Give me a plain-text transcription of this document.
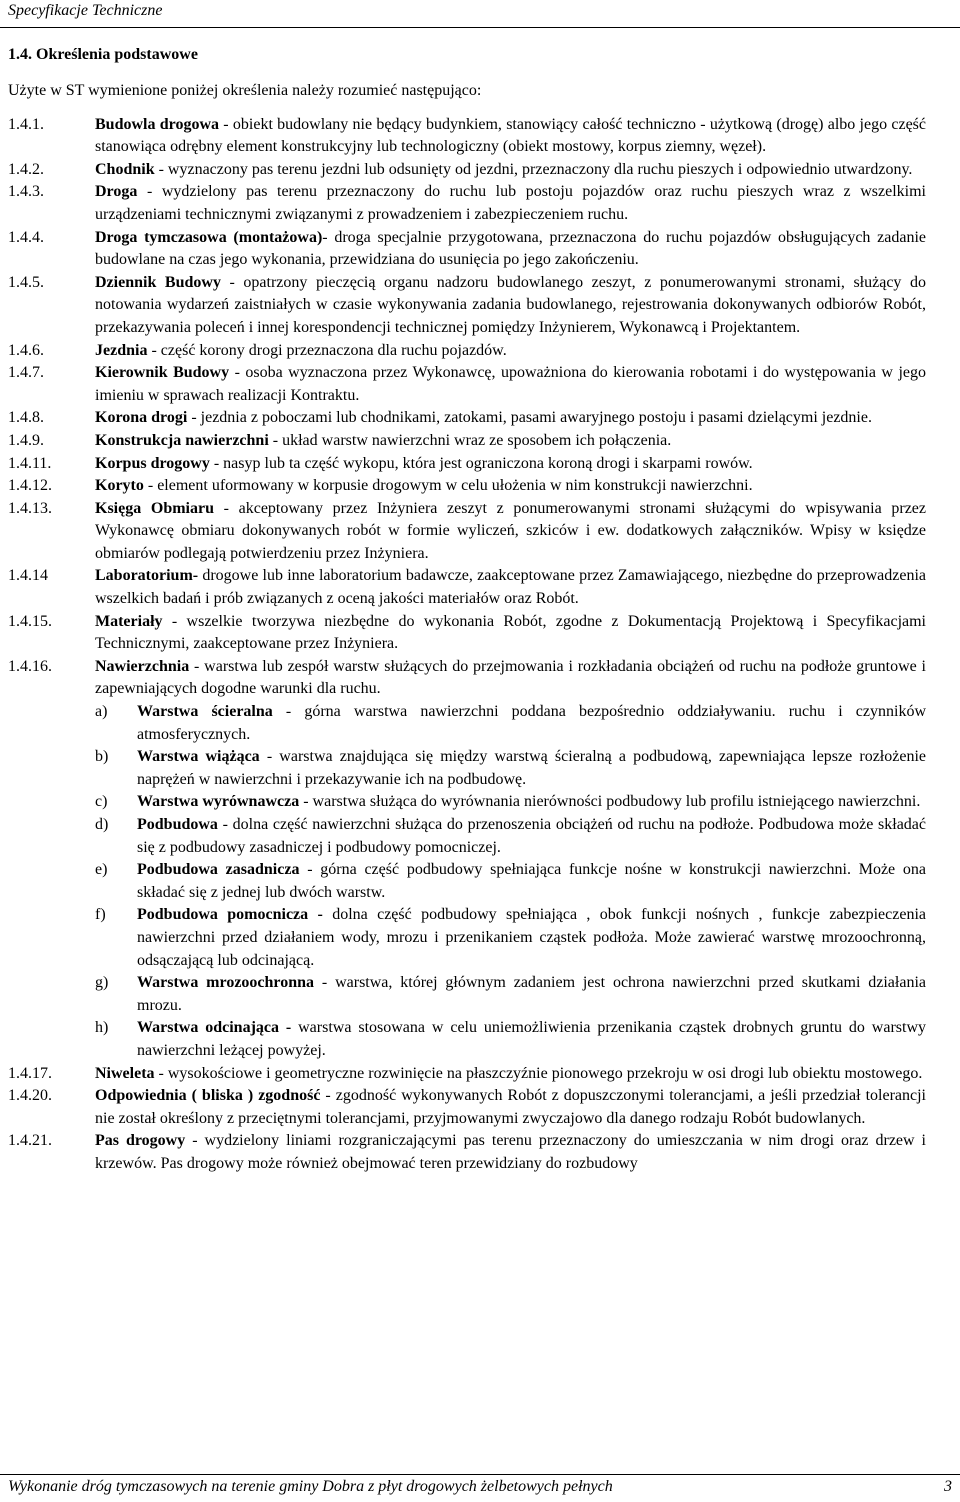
Specyfikacje Techniczne
1.4. Określenia podstawowe
Użyte w ST wymienione poniżej określenia należy rozumieć następująco:
1.4.1.	Budowla drogowa - obiekt budowlany nie będący budynkiem, stanowiący całość techniczno - użytkową (drogę) albo jego część stanowiąca odrębny element konstrukcyjny lub technologiczny (obiekt mostowy, korpus ziemny, węzeł).
1.4.2.	Chodnik - wyznaczony pas terenu jezdni lub odsunięty od jezdni, przeznaczony dla ruchu pieszych i odpowiednio utwardzony.
1.4.3.	Droga - wydzielony pas terenu przeznaczony do ruchu lub postoju pojazdów oraz ruchu pieszych wraz z wszelkimi urządzeniami technicznymi związanymi z prowadzeniem i zabezpieczeniem ruchu.
1.4.4.	Droga tymczasowa (montażowa)- droga specjalnie przygotowana, przeznaczona do ruchu pojazdów obsługujących zadanie budowlane na czas jego wykonania, przewidziana do usunięcia po jego zakończeniu.
1.4.5.	Dziennik Budowy - opatrzony pieczęcią organu nadzoru budowlanego zeszyt, z ponumerowanymi stronami, służący do notowania wydarzeń zaistniałych w czasie wykonywania zadania budowlanego, rejestrowania dokonywanych odbiorów Robót, przekazywania poleceń i innej korespondencji technicznej pomiędzy Inżynierem, Wykonawcą i Projektantem.
1.4.6.	Jezdnia - część korony drogi przeznaczona dla ruchu pojazdów.
1.4.7.	Kierownik Budowy - osoba wyznaczona przez Wykonawcę, upoważniona do kierowania robotami i do występowania w jego imieniu w sprawach realizacji Kontraktu.
1.4.8.	Korona drogi - jezdnia z poboczami lub chodnikami, zatokami, pasami awaryjnego postoju i pasami dzielącymi jezdnie.
1.4.9.	Konstrukcja nawierzchni - układ warstw nawierzchni wraz ze sposobem ich połączenia.
1.4.11.	Korpus drogowy - nasyp lub ta część wykopu, która jest ograniczona koroną drogi i skarpami rowów.
1.4.12.	Koryto - element uformowany w korpusie drogowym w celu ułożenia w nim konstrukcji nawierzchni.
1.4.13.	Księga Obmiaru - akceptowany przez Inżyniera zeszyt z ponumerowanymi stronami służącymi do wpisywania przez Wykonawcę obmiaru dokonywanych robót w formie wyliczeń, szkiców i ew. dodatkowych załączników. Wpisy w księdze obmiarów podlegają potwierdzeniu przez Inżyniera.
1.4.14	Laboratorium- drogowe lub inne laboratorium badawcze, zaakceptowane przez Zamawiającego, niezbędne do przeprowadzenia wszelkich badań i prób związanych z oceną jakości materiałów oraz Robót.
1.4.15.	Materiały - wszelkie tworzywa niezbędne do wykonania Robót, zgodne z Dokumentacją Projektową i Specyfikacjami Technicznymi, zaakceptowane przez Inżyniera.
1.4.16.	Nawierzchnia - warstwa lub zespół warstw służących do przejmowania i rozkładania obciążeń od ruchu na podłoże gruntowe i zapewniających dogodne warunki dla ruchu.
a)	Warstwa ścieralna - górna warstwa nawierzchni poddana bezpośrednio oddziaływaniu. ruchu i czynników atmosferycznych.
b)	Warstwa wiążąca - warstwa znajdująca się między warstwą ścieralną a podbudową, zapewniająca lepsze rozłożenie naprężeń w nawierzchni i przekazywanie ich na podbudowę.
c)	Warstwa wyrównawcza - warstwa służąca do wyrównania nierówności podbudowy lub profilu istniejącego nawierzchni.
d)	Podbudowa - dolna część nawierzchni służąca do przenoszenia obciążeń od ruchu na podłoże. Podbudowa może składać się z podbudowy zasadniczej i podbudowy pomocniczej.
e)	Podbudowa zasadnicza - górna część podbudowy spełniająca funkcje nośne w konstrukcji nawierzchni. Może ona składać się z jednej lub dwóch warstw.
f)	Podbudowa pomocnicza - dolna część podbudowy spełniająca , obok funkcji nośnych , funkcje zabezpieczenia nawierzchni przed działaniem wody, mrozu i przenikaniem cząstek podłoża. Może zawierać warstwę mrozoochronną, odsączającą lub odcinającą.
g)	Warstwa mrozoochronna - warstwa, której głównym zadaniem jest ochrona nawierzchni przed skutkami działania mrozu.
h)	Warstwa odcinająca - warstwa stosowana w celu uniemożliwienia przenikania cząstek drobnych gruntu do warstwy nawierzchni leżącej powyżej.
1.4.17.	Niweleta - wysokościowe i geometryczne rozwinięcie na płaszczyźnie pionowego przekroju w osi drogi lub obiektu mostowego.
1.4.20.	Odpowiednia ( bliska ) zgodność - zgodność wykonywanych Robót z dopuszczonymi tolerancjami, a jeśli przedział tolerancji nie został określony z przeciętnymi tolerancjami, przyjmowanymi zwyczajowo dla danego rodzaju Robót budowlanych.
1.4.21.	Pas drogowy - wydzielony liniami rozgraniczającymi pas terenu przeznaczony do umieszczania w nim drogi oraz drzew i krzewów. Pas drogowy może również obejmować teren przewidziany do rozbudowy
Wykonanie dróg tymczasowych na terenie gminy Dobra z płyt drogowych żelbetowych pełnych	3
